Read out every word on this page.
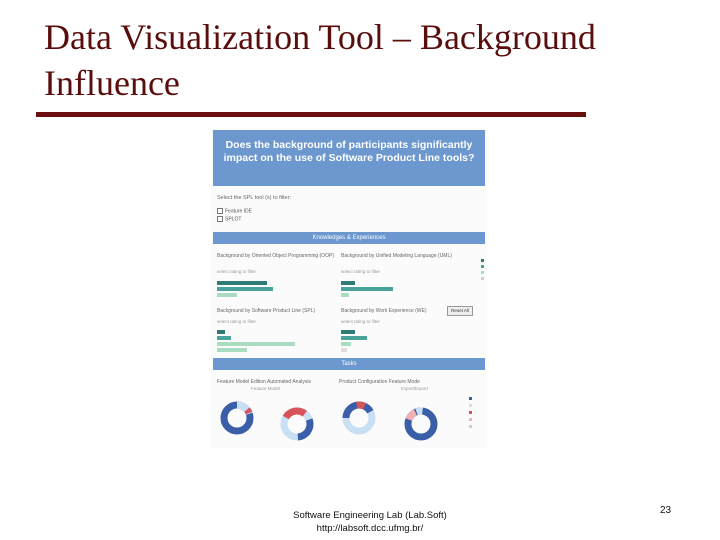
Data Visualization Tool – Background Influence
Does the background of participants significantly impact on the use of Software Product Line tools?
Select the SPL tool (s) to filter:
Feature IDE
SPLOT
Knowledges & Experiences
Background by Oriented Object Programming (OOP)
select rating to filter
Background by Unified Modeling Language (UML)
select rating to filter
Reset All
Background by Software Product Line (SPL)
select rating to filter
Background by Work Experience (WE)
select rating to filter
Tasks
Feature Model Edition Automated Analysis
Feature Model
Product Configuration Feature Mode
Import/Export
Software Engineering Lab (Lab.Soft)
http://labsoft.dcc.ufmg.br/
23
